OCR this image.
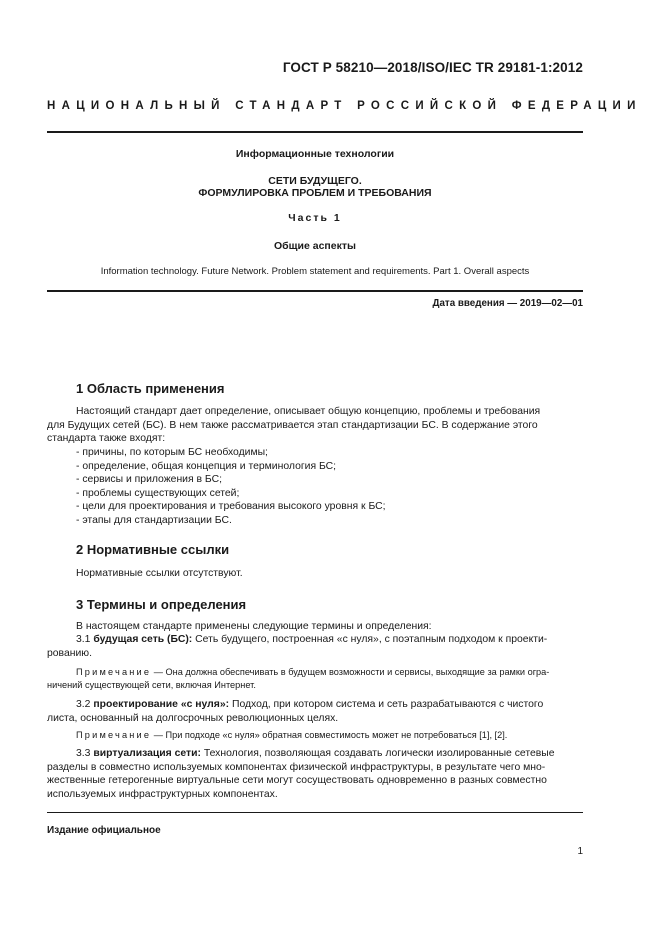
ГОСТ Р 58210—2018/ISO/IEC TR 29181-1:2012
НАЦИОНАЛЬНЫЙ СТАНДАРТ РОССИЙСКОЙ ФЕДЕРАЦИИ
Информационные технологии
СЕТИ БУДУЩЕГО.
ФОРМУЛИРОВКА ПРОБЛЕМ И ТРЕБОВАНИЯ
Часть 1
Общие аспекты
Information technology. Future Network. Problem statement and requirements. Part 1. Overall aspects
Дата введения — 2019—02—01
1 Область применения
Настоящий стандарт дает определение, описывает общую концепцию, проблемы и требования
для Будущих сетей (БС). В нем также рассматривается этап стандартизации БС. В содержание этого
стандарта также входят:
- причины, по которым БС необходимы;
- определение, общая концепция и терминология БС;
- сервисы и приложения в БС;
- проблемы существующих сетей;
- цели для проектирования и требования высокого уровня к БС;
- этапы для стандартизации БС.
2 Нормативные ссылки
Нормативные ссылки отсутствуют.
3 Термины и определения
В настоящем стандарте применены следующие термины и определения:
3.1 будущая сеть (БС): Сеть будущего, построенная «с нуля», с поэтапным подходом к проекти-
рованию.
Примечание — Она должна обеспечивать в будущем возможности и сервисы, выходящие за рамки огра-
ничений существующей сети, включая Интернет.
3.2 проектирование «с нуля»: Подход, при котором система и сеть разрабатываются с чистого
листа, основанный на долгосрочных революционных целях.
Примечание — При подходе «с нуля» обратная совместимость может не потребоваться [1], [2].
3.3 виртуализация сети: Технология, позволяющая создавать логически изолированные сетевые
разделы в совместно используемых компонентах физической инфраструктуры, в результате чего мно-
жественные гетерогенные виртуальные сети могут сосуществовать одновременно в разных совместно
используемых инфраструктурных компонентах.
Издание официальное
1
